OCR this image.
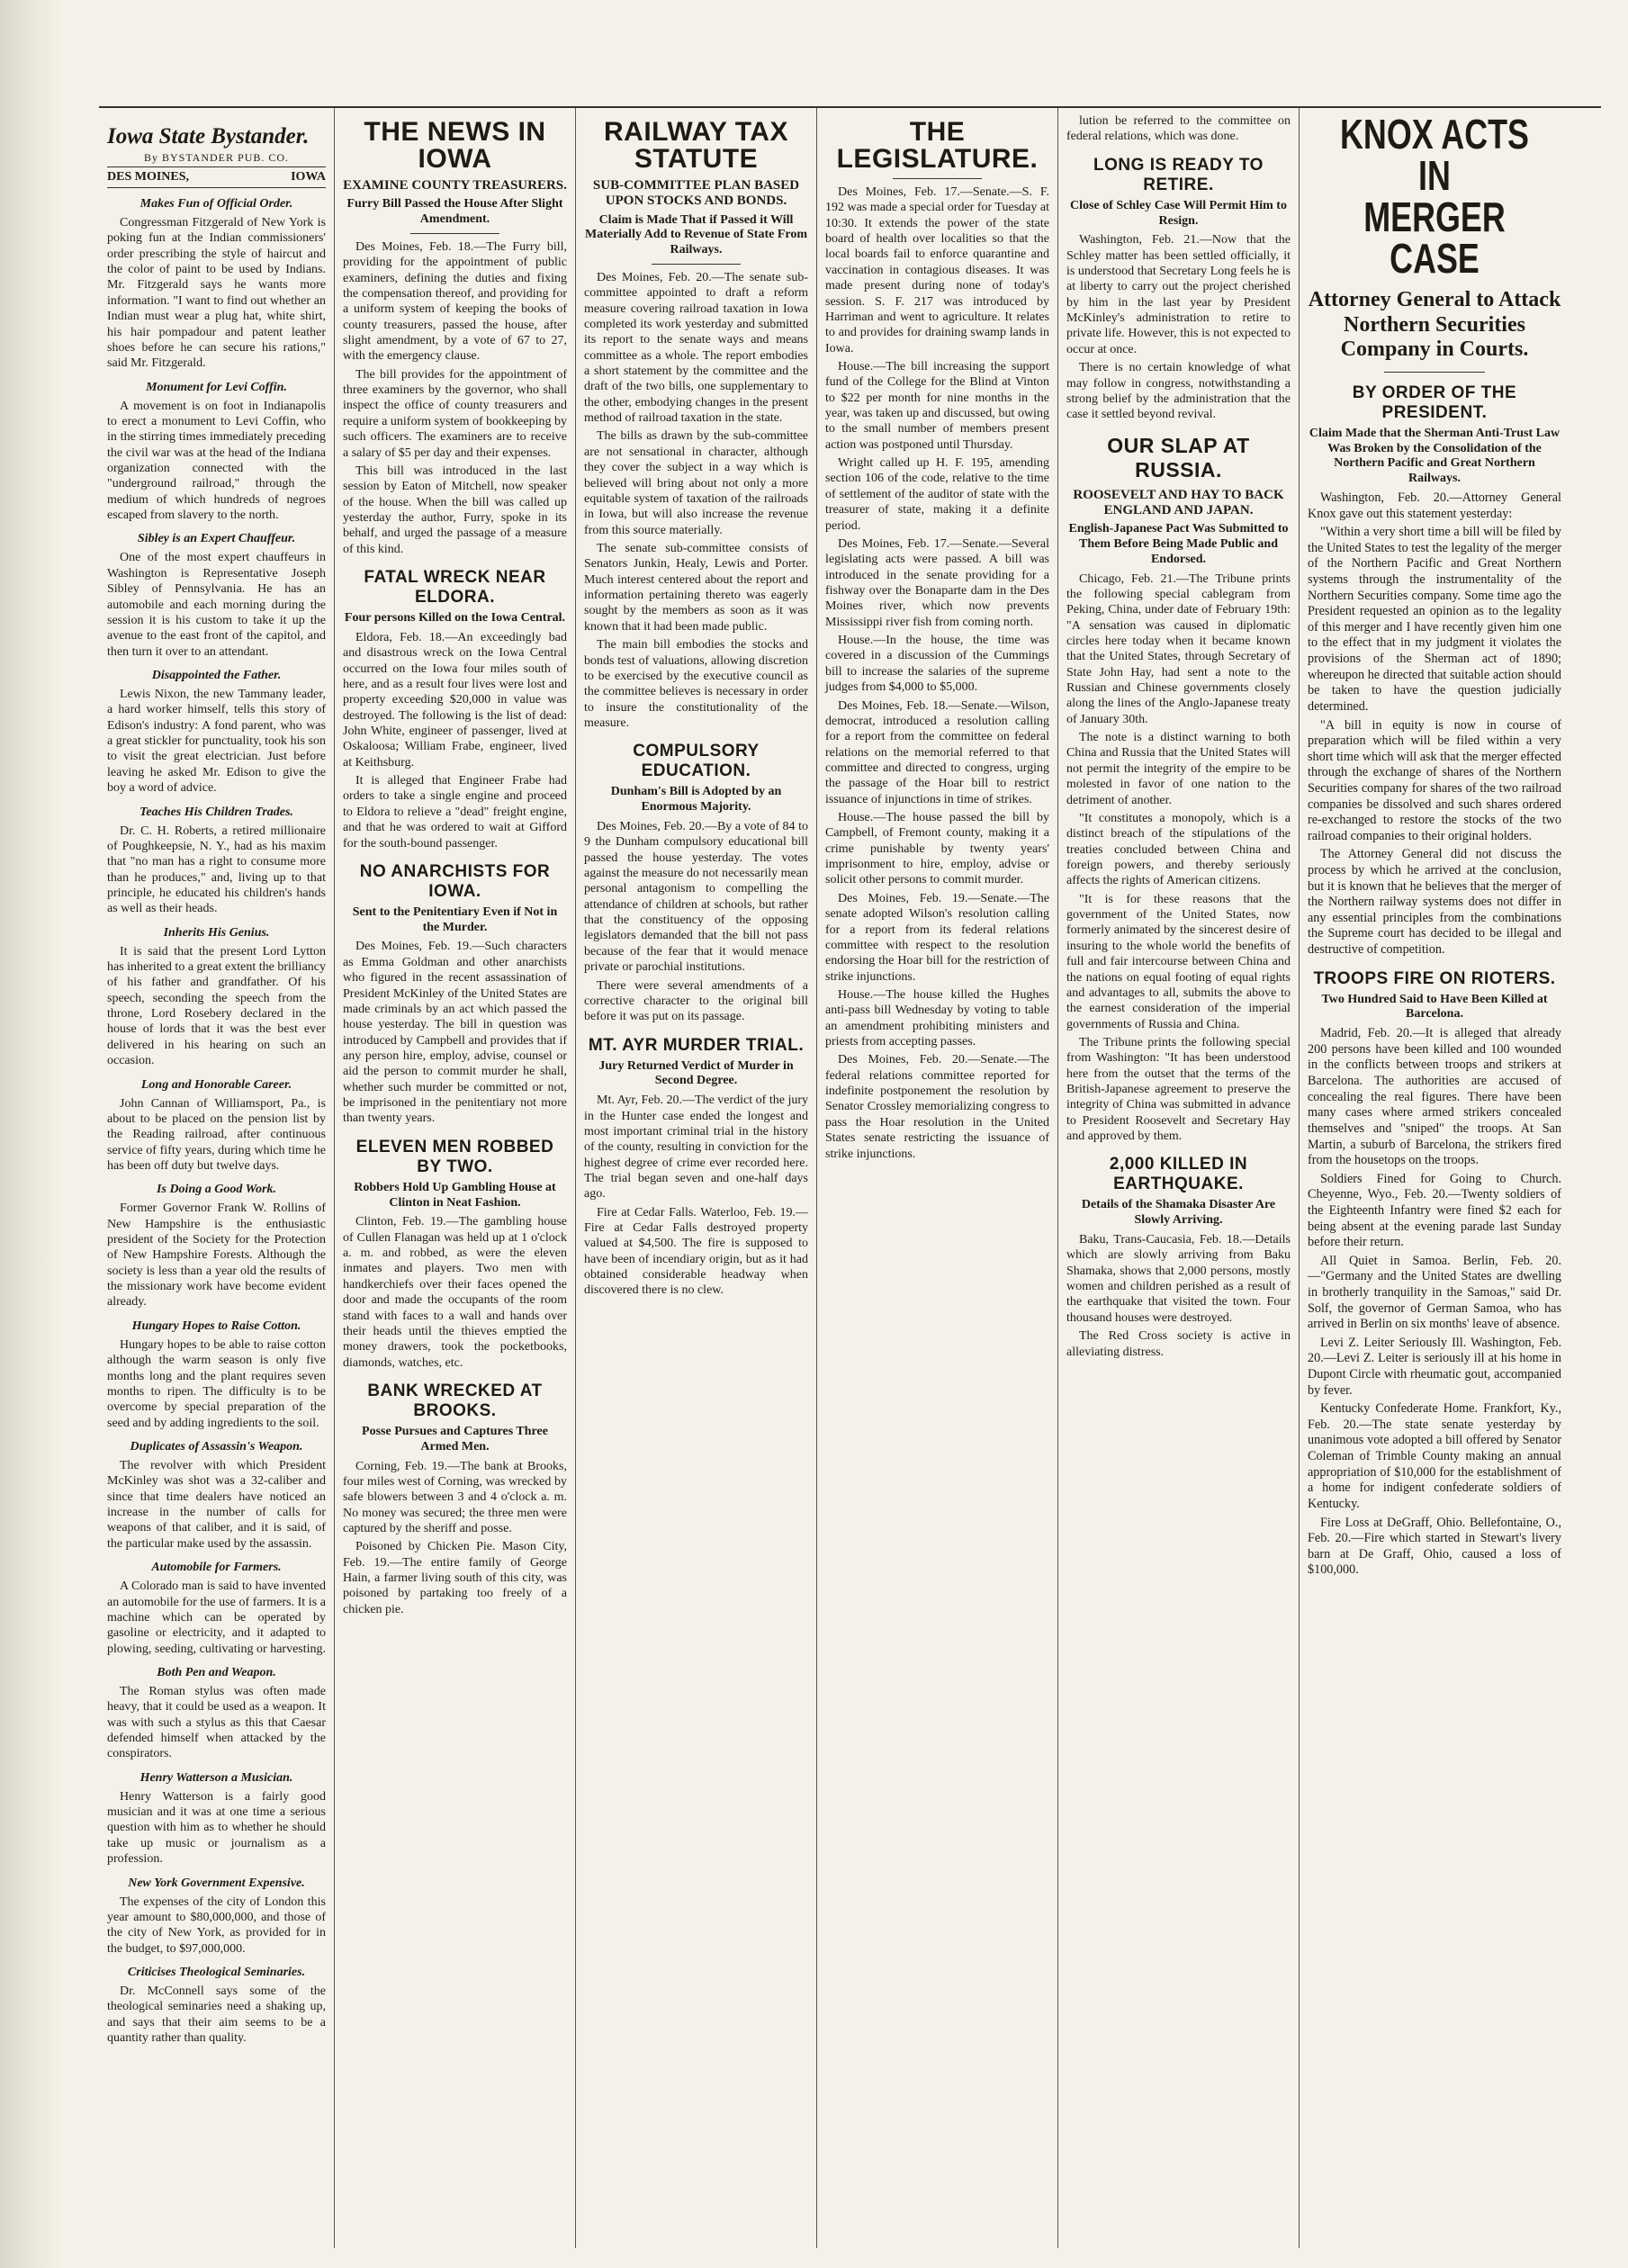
Iowa State Bystander.
By BYSTANDER PUB. CO.
DES MOINES,	IOWA
Makes Fun of Official Order.

Congressman Fitzgerald of New York is poking fun at the Indian commissioners' order prescribing the style of haircut and the color of paint to be used by Indians. Mr. Fitzgerald says he wants more information. "I want to find out whether an Indian must wear a plug hat, white shirt, his hair pompadour and patent leather shoes before he can secure his rations," said Mr. Fitzgerald.

Monument for Levi Coffin.

A movement is on foot in Indianapolis to erect a monument to Levi Coffin, who in the stirring times immediately preceding the civil war was at the head of the Indiana organization connected with the "underground railroad," through the medium of which hundreds of negroes escaped from slavery to the north.

Sibley is an Expert Chauffeur.

One of the most expert chauffeurs in Washington is Representative Joseph Sibley of Pennsylvania. He has an automobile and each morning during the session it is his custom to take it up the avenue to the east front of the capitol, and then turn it over to an attendant.

Disappointed the Father.

Lewis Nixon, the new Tammany leader, a hard worker himself, tells this story of Edison's industry: A fond parent, who was a great stickler for punctuality, took his son to visit the great electrician. Just before leaving he asked Mr. Edison to give the boy a word of advice.

Teaches His Children Trades.

Dr. C. H. Roberts, a retired millionaire of Poughkeepsie, N. Y., had as his maxim that "no man has a right to consume more than he produces," and, living up to that principle, he educated his children's hands as well as their heads.

Inherits His Genius.

It is said that the present Lord Lytton has inherited to a great extent the brilliancy of his father and grandfather. Of his speech, seconding the speech from the throne, Lord Rosebery declared in the house of lords that it was the best ever delivered in his hearing on such an occasion.

Long and Honorable Career.

John Cannan of Williamsport, Pa., is about to be placed on the pension list by the Reading railroad, after continuous service of fifty years, during which time he has been off duty but twelve days.

Is Doing a Good Work.

Former Governor Frank W. Rollins of New Hampshire is the enthusiastic president of the Society for the Protection of New Hampshire Forests. Although the society is less than a year old the results of the missionary work have become evident already.

Hungary Hopes to Raise Cotton.

Hungary hopes to be able to raise cotton although the warm season is only five months long and the plant requires seven months to ripen. The difficulty is to be overcome by special preparation of the seed and by adding ingredients to the soil.

Duplicates of Assassin's Weapon.

The revolver with which President McKinley was shot was a 32-caliber and since that time dealers have noticed an increase in the number of calls for weapons of that caliber, and it is said, of the particular make used by the assassin.

Automobile for Farmers.

A Colorado man is said to have invented an automobile for the use of farmers. It is a machine which can be operated by gasoline or electricity, and it adapted to plowing, seeding, cultivating or harvesting.

Both Pen and Weapon.

The Roman stylus was often made heavy, that it could be used as a weapon. It was with such a stylus as this that Caesar defended himself when attacked by the conspirators.

Henry Watterson a Musician.

Henry Watterson is a fairly good musician and it was at one time a serious question with him as to whether he should take up music or journalism as a profession.

New York Government Expensive.

The expenses of the city of London this year amount to $80,000,000, and those of the city of New York, as provided for in the budget, to $97,000,000.

Criticises Theological Seminaries.

Dr. McConnell says some of the theological seminaries need a shaking up, and says that their aim seems to be a quantity rather than quality.

THE NEWS IN IOWA
EXAMINE COUNTY TREASURERS.
Furry Bill Passed the House After Slight Amendment.

Des Moines, Feb. 18.—The Furry bill, providing for the appointment of public examiners, defining the duties and fixing the compensation thereof, and providing for a uniform system of keeping the books of county treasurers, passed the house, after slight amendment, by a vote of 67 to 27, with the emergency clause.

The bill provides for the appointment of three examiners by the governor, who shall inspect the office of county treasurers and require a uniform system of bookkeeping by such officers. The examiners are to receive a salary of $5 per day and their expenses.

This bill was introduced in the last session by Eaton of Mitchell, now speaker of the house. When the bill was called up yesterday the author, Furry, spoke in its behalf, and urged the passage of a measure of this kind.

FATAL WRECK NEAR ELDORA.
Four persons Killed on the Iowa Central.

Eldora, Feb. 18.—An exceedingly bad and disastrous wreck on the Iowa Central occurred on the Iowa four miles south of here, and as a result four lives were lost and property exceeding $20,000 in value was destroyed. The following is the list of dead: John White, engineer of passenger, lived at Oskaloosa; William Frabe, engineer, lived at Keithsburg.

It is alleged that Engineer Frabe had orders to take a single engine and proceed to Eldora to relieve a "dead" freight engine, and that he was ordered to wait at Gifford for the south-bound passenger.

NO ANARCHISTS FOR IOWA.
Sent to the Penitentiary Even if Not in the Murder.

Des Moines, Feb. 19.—Such characters as Emma Goldman and other anarchists who figured in the recent assassination of President McKinley of the United States are made criminals by an act which passed the house yesterday. The bill in question was introduced by Campbell and provides that if any person hire, employ, advise, counsel or aid the person to commit murder he shall, whether such murder be committed or not, be imprisoned in the penitentiary not more than twenty years.

ELEVEN MEN ROBBED BY TWO.
Robbers Hold Up Gambling House at Clinton in Neat Fashion.

Clinton, Feb. 19.—The gambling house of Cullen Flanagan was held up at 1 o'clock a. m. and robbed, as were the eleven inmates and players. Two men with handkerchiefs over their faces opened the door and made the occupants of the room stand with faces to a wall and hands over their heads until the thieves emptied the money drawers, took the pocketbooks, diamonds, watches, etc.

BANK WRECKED AT BROOKS.
Posse Pursues and Captures Three Armed Men.

Corning, Feb. 19.—The bank at Brooks, four miles west of Corning, was wrecked by safe blowers between 3 and 4 o'clock a. m. No money was secured; the three men were captured by the sheriff and posse.

Poisoned by Chicken Pie. Mason City, Feb. 19.—The entire family of George Hain, a farmer living south of this city, was poisoned by partaking too freely of a chicken pie.

RAILWAY TAX STATUTE
SUB-COMMITTEE PLAN BASED UPON STOCKS AND BONDS.
Claim is Made That if Passed it Will Materially Add to Revenue of State From Railways.

Des Moines, Feb. 20.—The senate sub-committee appointed to draft a reform measure covering railroad taxation in Iowa completed its work yesterday and submitted its report to the senate ways and means committee as a whole. The report embodies a short statement by the committee and the draft of the two bills, one supplementary to the other, embodying changes in the present method of railroad taxation in the state.

The bills as drawn by the sub-committee are not sensational in character, although they cover the subject in a way which is believed will bring about not only a more equitable system of taxation of the railroads in Iowa, but will also increase the revenue from this source materially.

The senate sub-committee consists of Senators Junkin, Healy, Lewis and Porter. Much interest centered about the report and information pertaining thereto was eagerly sought by the members as soon as it was known that it had been made public.

The main bill embodies the stocks and bonds test of valuations, allowing discretion to be exercised by the executive council as the committee believes is necessary in order to insure the constitutionality of the measure.

COMPULSORY EDUCATION.
Dunham's Bill is Adopted by an Enormous Majority.

Des Moines, Feb. 20.—By a vote of 84 to 9 the Dunham compulsory educational bill passed the house yesterday. The votes against the measure do not necessarily mean personal antagonism to compelling the attendance of children at schools, but rather that the constituency of the opposing legislators demanded that the bill not pass because of the fear that it would menace private or parochial institutions.

There were several amendments of a corrective character to the original bill before it was put on its passage.

MT. AYR MURDER TRIAL.
Jury Returned Verdict of Murder in Second Degree.

Mt. Ayr, Feb. 20.—The verdict of the jury in the Hunter case ended the longest and most important criminal trial in the history of the county, resulting in conviction for the highest degree of crime ever recorded here. The trial began seven and one-half days ago.

Fire at Cedar Falls. Waterloo, Feb. 19.—Fire at Cedar Falls destroyed property valued at $4,500. The fire is supposed to have been of incendiary origin, but as it had obtained considerable headway when discovered there is no clew.

THE LEGISLATURE.

Des Moines, Feb. 17.—Senate.—S. F. 192 was made a special order for Tuesday at 10:30. It extends the power of the state board of health over localities so that the local boards fail to enforce quarantine and vaccination in contagious diseases. It was made present during none of today's session. S. F. 217 was introduced by Harriman and went to agriculture. It relates to and provides for draining swamp lands in Iowa.

House.—The bill increasing the support fund of the College for the Blind at Vinton to $22 per month for nine months in the year, was taken up and discussed, but owing to the small number of members present action was postponed until Thursday.

Wright called up H. F. 195, amending section 106 of the code, relative to the time of settlement of the auditor of state with the treasurer of state, making it a definite period.

Des Moines, Feb. 17.—Senate.—Several legislating acts were passed. A bill was introduced in the senate providing for a fishway over the Bonaparte dam in the Des Moines river, which now prevents Mississippi river fish from coming north.

House.—In the house, the time was covered in a discussion of the Cummings bill to increase the salaries of the supreme judges from $4,000 to $5,000.

Des Moines, Feb. 18.—Senate.—Wilson, democrat, introduced a resolution calling for a report from the committee on federal relations on the memorial referred to that committee and directed to congress, urging the passage of the Hoar bill to restrict issuance of injunctions in time of strikes.

House.—The house passed the bill by Campbell, of Fremont county, making it a crime punishable by twenty years' imprisonment to hire, employ, advise or solicit other persons to commit murder.

Des Moines, Feb. 19.—Senate.—The senate adopted Wilson's resolution calling for a report from its federal relations committee with respect to the resolution endorsing the Hoar bill for the restriction of strike injunctions.

House.—The house killed the Hughes anti-pass bill Wednesday by voting to table an amendment prohibiting ministers and priests from accepting passes.

Des Moines, Feb. 20.—Senate.—The federal relations committee reported for indefinite postponement the resolution by Senator Crossley memorializing congress to pass the Hoar resolution in the United States senate restricting the issuance of strike injunctions.

lution be referred to the committee on federal relations, which was done.

LONG IS READY TO RETIRE.
Close of Schley Case Will Permit Him to Resign.

Washington, Feb. 21.—Now that the Schley matter has been settled officially, it is understood that Secretary Long feels he is at liberty to carry out the project cherished by him in the last year by President McKinley's administration to retire to private life. However, this is not expected to occur at once.

There is no certain knowledge of what may follow in congress, notwithstanding a strong belief by the administration that the case it settled beyond revival.

OUR SLAP AT RUSSIA.
ROOSEVELT AND HAY TO BACK ENGLAND AND JAPAN.
English-Japanese Pact Was Submitted to Them Before Being Made Public and Endorsed.

Chicago, Feb. 21.—The Tribune prints the following special cablegram from Peking, China, under date of February 19th: "A sensation was caused in diplomatic circles here today when it became known that the United States, through Secretary of State John Hay, had sent a note to the Russian and Chinese governments closely along the lines of the Anglo-Japanese treaty of January 30th.

The note is a distinct warning to both China and Russia that the United States will not permit the integrity of the empire to be molested in favor of one nation to the detriment of another.

"It constitutes a monopoly, which is a distinct breach of the stipulations of the treaties concluded between China and foreign powers, and thereby seriously affects the rights of American citizens.

"It is for these reasons that the government of the United States, now formerly animated by the sincerest desire of insuring to the whole world the benefits of full and fair intercourse between China and the nations on equal footing of equal rights and advantages to all, submits the above to the earnest consideration of the imperial governments of Russia and China.

The Tribune prints the following special from Washington: "It has been understood here from the outset that the terms of the British-Japanese agreement to preserve the integrity of China was submitted in advance to President Roosevelt and Secretary Hay and approved by them.

2,000 KILLED IN EARTHQUAKE.
Details of the Shamaka Disaster Are Slowly Arriving.

Baku, Trans-Caucasia, Feb. 18.—Details which are slowly arriving from Baku Shamaka, shows that 2,000 persons, mostly women and children perished as a result of the earthquake that visited the town. Four thousand houses were destroyed.

The Red Cross society is active in alleviating distress.

KNOX ACTS IN
MERGER CASE
Attorney General to Attack Northern Securities Company in Courts.
BY ORDER OF THE PRESIDENT.
Claim Made that the Sherman Anti-Trust Law Was Broken by the Consolidation of the Northern Pacific and Great Northern Railways.

Washington, Feb. 20.—Attorney General Knox gave out this statement yesterday:

"Within a very short time a bill will be filed by the United States to test the legality of the merger of the Northern Pacific and Great Northern systems through the instrumentality of the Northern Securities company. Some time ago the President requested an opinion as to the legality of this merger and I have recently given him one to the effect that in my judgment it violates the provisions of the Sherman act of 1890; whereupon he directed that suitable action should be taken to have the question judicially determined.

"A bill in equity is now in course of preparation which will be filed within a very short time which will ask that the merger effected through the exchange of shares of the Northern Securities company for shares of the two railroad companies be dissolved and such shares ordered re-exchanged to restore the stocks of the two railroad companies to their original holders.

The Attorney General did not discuss the process by which he arrived at the conclusion, but it is known that he believes that the merger of the Northern railway systems does not differ in any essential principles from the combinations the Supreme court has decided to be illegal and destructive of competition.

TROOPS FIRE ON RIOTERS.
Two Hundred Said to Have Been Killed at Barcelona.

Madrid, Feb. 20.—It is alleged that already 200 persons have been killed and 100 wounded in the conflicts between troops and strikers at Barcelona. The authorities are accused of concealing the real figures. There have been many cases where armed strikers concealed themselves and "sniped" the troops. At San Martin, a suburb of Barcelona, the strikers fired from the housetops on the troops.

Soldiers Fined for Going to Church. Cheyenne, Wyo., Feb. 20.—Twenty soldiers of the Eighteenth Infantry were fined $2 each for being absent at the evening parade last Sunday before their return.

All Quiet in Samoa. Berlin, Feb. 20.—"Germany and the United States are dwelling in brotherly tranquility in the Samoas," said Dr. Solf, the governor of German Samoa, who has arrived in Berlin on six months' leave of absence.

Levi Z. Leiter Seriously Ill. Washington, Feb. 20.—Levi Z. Leiter is seriously ill at his home in Dupont Circle with rheumatic gout, accompanied by fever.

Kentucky Confederate Home. Frankfort, Ky., Feb. 20.—The state senate yesterday by unanimous vote adopted a bill offered by Senator Coleman of Trimble County making an annual appropriation of $10,000 for the establishment of a home for indigent confederate soldiers of Kentucky.

Fire Loss at DeGraff, Ohio. Bellefontaine, O., Feb. 20.—Fire which started in Stewart's livery barn at De Graff, Ohio, caused a loss of $100,000.
